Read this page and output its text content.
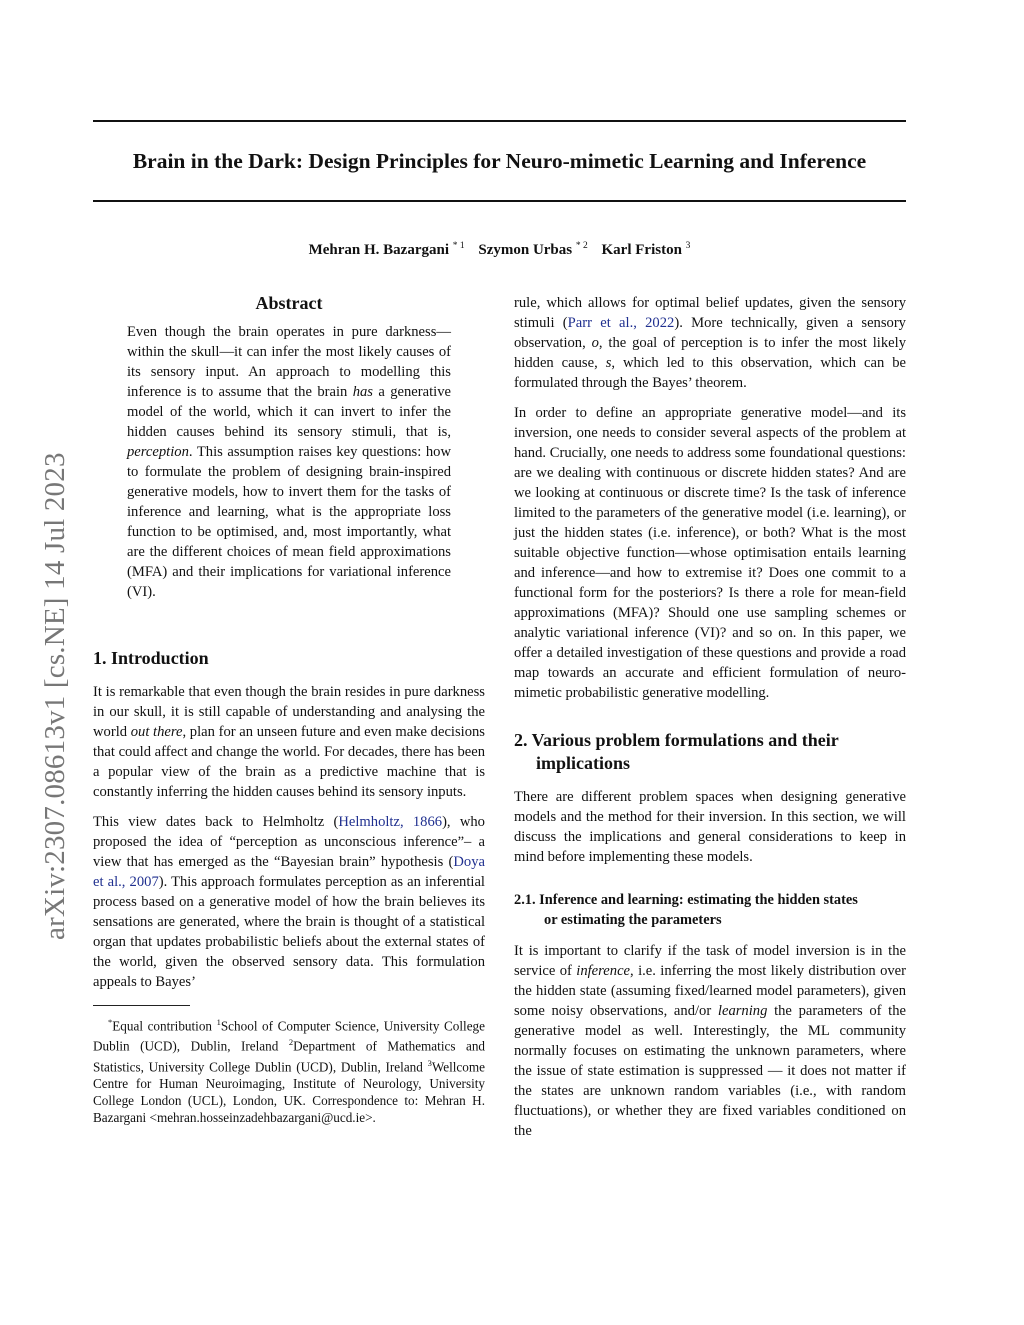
Brain in the Dark: Design Principles for Neuro-mimetic Learning and Inference
Mehran H. Bazargani $^{* 1}$ Szymon Urbas $^{* 2}$ Karl Friston $^3$
arXiv:2307.08613v1 [cs.NE] 14 Jul 2023
Abstract
Even though the brain operates in pure darkness—within the skull—it can infer the most likely causes of its sensory input. An approach to modelling this inference is to assume that the brain has a generative model of the world, which it can invert to infer the hidden causes behind its sensory stimuli, that is, perception. This assumption raises key questions: how to formulate the problem of designing brain-inspired generative models, how to invert them for the tasks of inference and learning, what is the appropriate loss function to be optimised, and, most importantly, what are the different choices of mean field approximations (MFA) and their implications for variational inference (VI).
1. Introduction

It is remarkable that even though the brain resides in pure darkness in our skull, it is still capable of understanding and analysing the world out there, plan for an unseen future and even make decisions that could affect and change the world. For decades, there has been a popular view of the brain as a predictive machine that is constantly inferring the hidden causes behind its sensory inputs.

This view dates back to Helmholtz (Helmholtz, 1866), who proposed the idea of “perception as unconscious inference”– a view that has emerged as the “Bayesian brain” hypothesis (Doya et al., 2007). This approach formulates perception as an inferential process based on a generative model of how the brain believes its sensations are generated, where the brain is thought of a statistical organ that updates probabilistic beliefs about the external states of the world, given the observed sensory data. This formulation appeals to Bayes’

*Equal contribution $^1$School of Computer Science, University College Dublin (UCD), Dublin, Ireland $^2$Department of Mathematics and Statistics, University College Dublin (UCD), Dublin, Ireland $^3$Wellcome Centre for Human Neuroimaging, Institute of Neurology, University College London (UCL), London, UK. Correspondence to: Mehran H. Bazargani <mehran.hosseinzadehbazargani@ucd.ie>.

rule, which allows for optimal belief updates, given the sensory stimuli (Parr et al., 2022). More technically, given a sensory observation, o, the goal of perception is to infer the most likely hidden cause, s, which led to this observation, which can be formulated through the Bayes’ theorem.

In order to define an appropriate generative model—and its inversion, one needs to consider several aspects of the problem at hand. Crucially, one needs to address some foundational questions: are we dealing with continuous or discrete hidden states? And are we looking at continuous or discrete time? Is the task of inference limited to the parameters of the generative model (i.e. learning), or just the hidden states (i.e. inference), or both? What is the most suitable objective function—whose optimisation entails learning and inference—and how to extremise it? Does one commit to a functional form for the posteriors? Is there a role for mean-field approximations (MFA)? Should one use sampling schemes or analytic variational inference (VI)? and so on. In this paper, we offer a detailed investigation of these questions and provide a road map towards an accurate and efficient formulation of neuro-mimetic probabilistic generative modelling.

2. Various problem formulations and their
implications

There are different problem spaces when designing generative models and the method for their inversion. In this section, we will discuss the implications and general considerations to keep in mind before implementing these models.

2.1. Inference and learning: estimating the hidden states
or estimating the parameters

It is important to clarify if the task of model inversion is in the service of inference, i.e. inferring the most likely distribution over the hidden state (assuming fixed/learned model parameters), given some noisy observations, and/or learning the parameters of the generative model as well. Interestingly, the ML community normally focuses on estimating the unknown parameters, where the issue of state estimation is suppressed — it does not matter if the states are unknown random variables (i.e., with random fluctuations), or whether they are fixed variables conditioned on the
